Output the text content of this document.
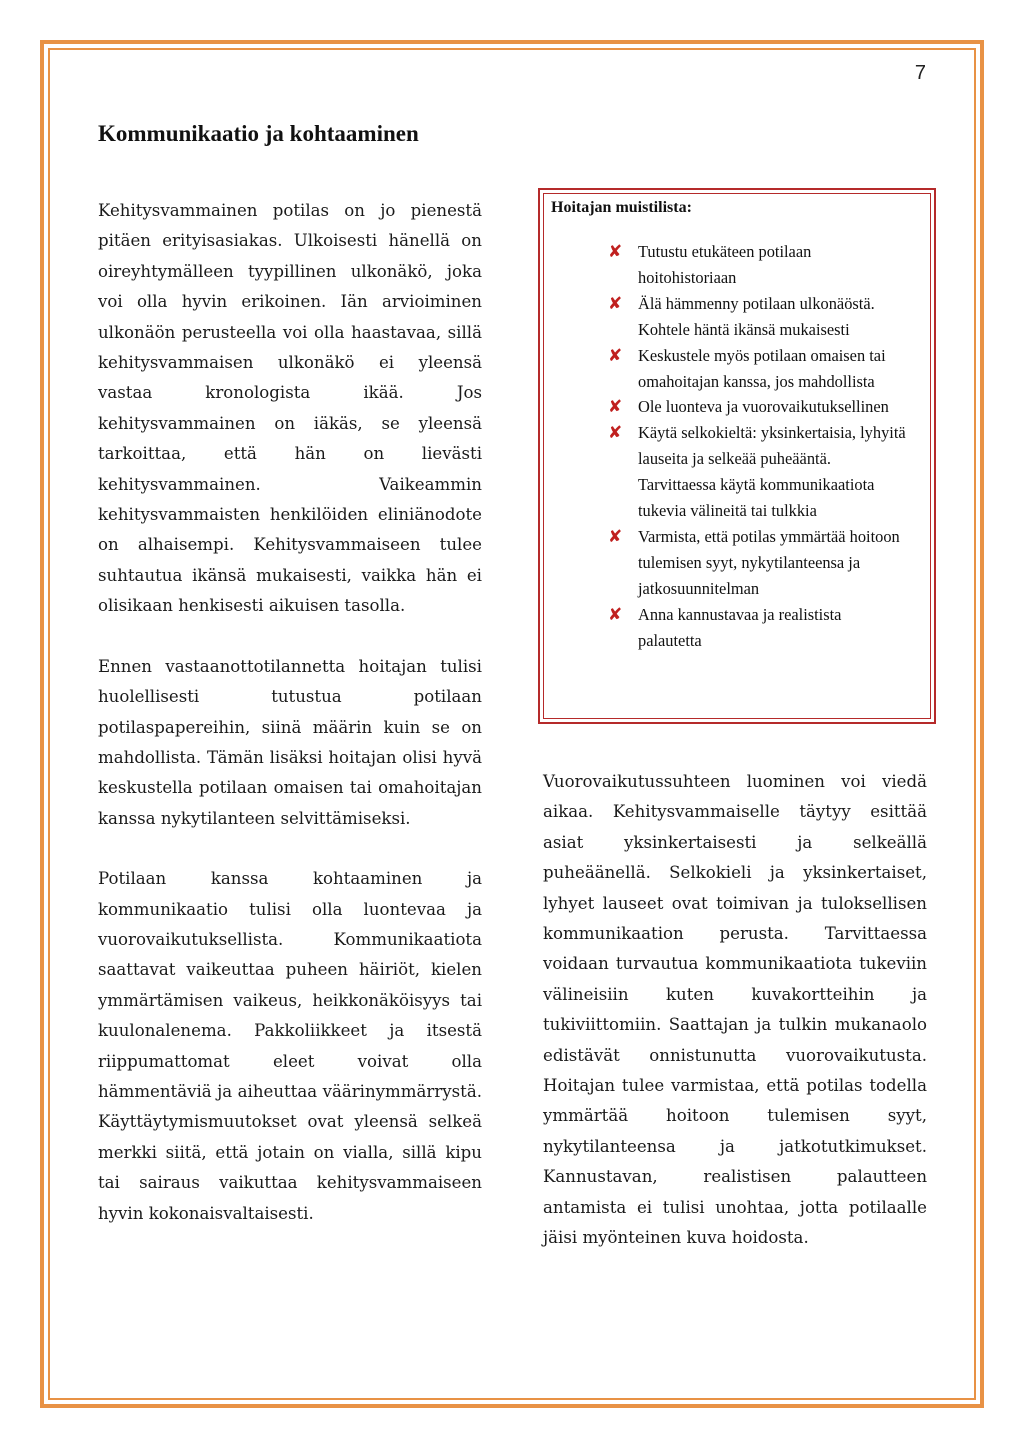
7
Kommunikaatio ja kohtaaminen

Kehitysvammainen potilas on jo pienestä pitäen erityisasiakas. Ulkoisesti hänellä on oireyhtymälleen tyypillinen ulkonäkö, joka voi olla hyvin erikoinen. Iän arvioiminen ulkonäön perusteella voi olla haastavaa, sillä kehitysvammaisen ulkonäkö ei yleensä vastaa kronologista ikää. Jos kehitysvammainen on iäkäs, se yleensä tarkoittaa, että hän on lievästi kehitysvammainen. Vaikeammin kehitysvammaisten henkilöiden eliniänodote on alhaisempi. Kehitysvammaiseen tulee suhtautua ikänsä mukaisesti, vaikka hän ei olisikaan henkisesti aikuisen tasolla.

Ennen vastaanottotilannetta hoitajan tulisi huolellisesti tutustua potilaan potilaspapereihin, siinä määrin kuin se on mahdollista. Tämän lisäksi hoitajan olisi hyvä keskustella potilaan omaisen tai omahoitajan kanssa nykytilanteen selvittämiseksi.

Potilaan kanssa kohtaaminen ja kommunikaatio tulisi olla luontevaa ja vuorovaikutuksellista. Kommunikaatiota saattavat vaikeuttaa puheen häiriöt, kielen ymmärtämisen vaikeus, heikkonäköisyys tai kuulonalenema. Pakkoliikkeet ja itsestä riippumattomat eleet voivat olla hämmentäviä ja aiheuttaa väärinymmärrystä. Käyttäytymismuutokset ovat yleensä selkeä merkki siitä, että jotain on vialla, sillä kipu tai sairaus vaikuttaa kehitysvammaiseen hyvin kokonaisvaltaisesti.

Hoitajan muistilista:
✘ Tutustu etukäteen potilaan hoitohistoriaan
✘ Älä hämmenny potilaan ulkonäöstä. Kohtele häntä ikänsä mukaisesti
✘ Keskustele myös potilaan omaisen tai omahoitajan kanssa, jos mahdollista
✘ Ole luonteva ja vuorovaikutuksellinen
✘ Käytä selkokieltä: yksinkertaisia, lyhyitä lauseita ja selkeää puheääntä. Tarvittaessa käytä kommunikaatiota tukevia välineitä tai tulkkia
✘ Varmista, että potilas ymmärtää hoitoon tulemisen syyt, nykytilanteensa ja jatkosuunnitelman
✘ Anna kannustavaa ja realistista palautetta

Vuorovaikutussuhteen luominen voi viedä aikaa. Kehitysvammaiselle täytyy esittää asiat yksinkertaisesti ja selkeällä puheäänellä. Selkokieli ja yksinkertaiset, lyhyet lauseet ovat toimivan ja tuloksellisen kommunikaation perusta. Tarvittaessa voidaan turvautua kommunikaatiota tukeviin välineisiin kuten kuvakortteihin ja tukiviittomiin. Saattajan ja tulkin mukanaolo edistävät onnistunutta vuorovaikutusta. Hoitajan tulee varmistaa, että potilas todella ymmärtää hoitoon tulemisen syyt, nykytilanteensa ja jatkotutkimukset. Kannustavan, realistisen palautteen antamista ei tulisi unohtaa, jotta potilaalle jäisi myönteinen kuva hoidosta.
